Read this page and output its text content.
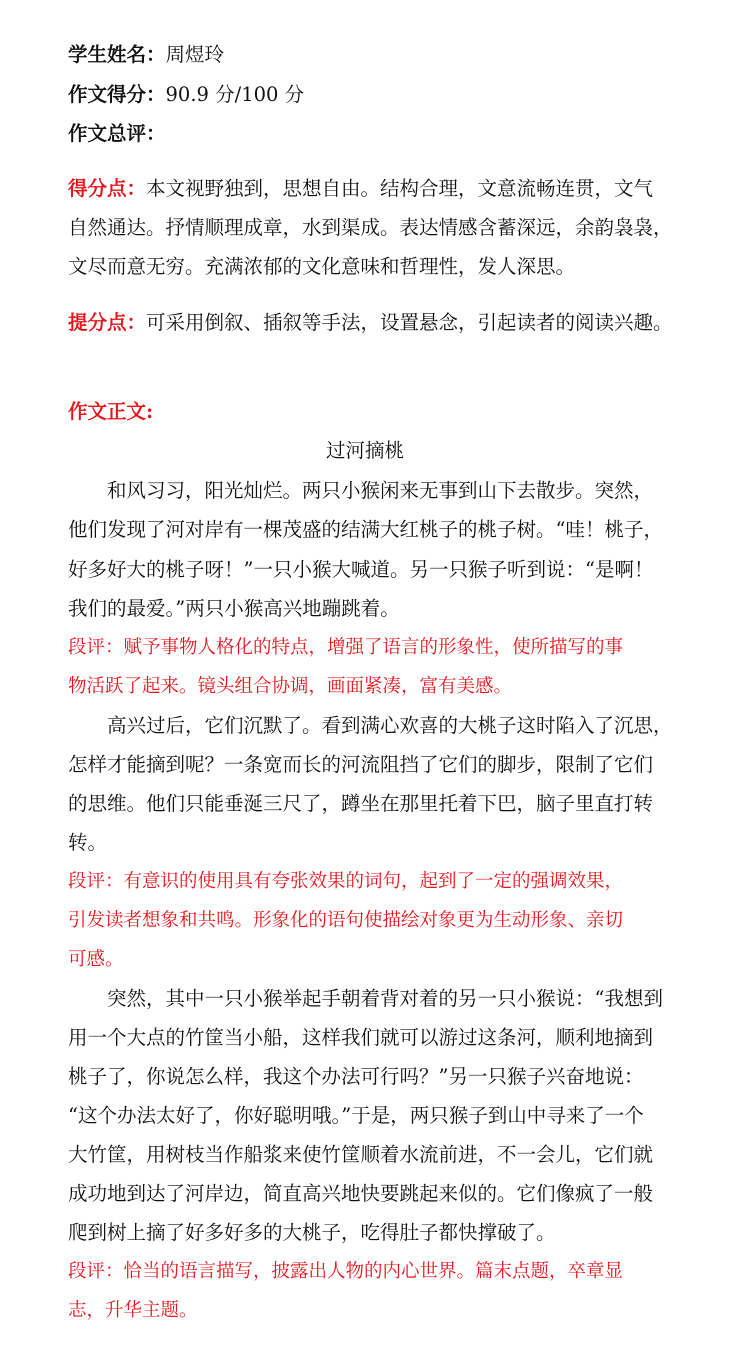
学生姓名：周煜玲
作文得分：90.9 分/100 分
作文总评：
得分点：本文视野独到，思想自由。结构合理，文意流畅连贯，文气
自然通达。抒情顺理成章，水到渠成。表达情感含蓄深远，余韵袅袅，
文尽而意无穷。充满浓郁的文化意味和哲理性，发人深思。
提分点：可采用倒叙、插叙等手法，设置悬念，引起读者的阅读兴趣。
作文正文:
过河摘桃
　　和风习习，阳光灿烂。两只小猴闲来无事到山下去散步。突然，
他们发现了河对岸有一棵茂盛的结满大红桃子的桃子树。“哇！桃子，
好多好大的桃子呀！”一只小猴大喊道。另一只猴子听到说：“是啊！
我们的最爱。”两只小猴高兴地蹦跳着。
段评：赋予事物人格化的特点，增强了语言的形象性，使所描写的事
物活跃了起来。镜头组合协调，画面紧凑，富有美感。
　　高兴过后，它们沉默了。看到满心欢喜的大桃子这时陷入了沉思，
怎样才能摘到呢？一条宽而长的河流阻挡了它们的脚步，限制了它们
的思维。他们只能垂涎三尺了，蹲坐在那里托着下巴，脑子里直打转
转。
段评：有意识的使用具有夸张效果的词句，起到了一定的强调效果，
引发读者想象和共鸣。形象化的语句使描绘对象更为生动形象、亲切
可感。
　　突然，其中一只小猴举起手朝着背对着的另一只小猴说：“我想到
用一个大点的竹筐当小船，这样我们就可以游过这条河，顺利地摘到
桃子了，你说怎么样，我这个办法可行吗？”另一只猴子兴奋地说：
“这个办法太好了，你好聪明哦。”于是，两只猴子到山中寻来了一个
大竹筐，用树枝当作船浆来使竹筐顺着水流前进，不一会儿，它们就
成功地到达了河岸边，简直高兴地快要跳起来似的。它们像疯了一般
爬到树上摘了好多好多的大桃子，吃得肚子都快撑破了。
段评：恰当的语言描写，披露出人物的内心世界。篇末点题，卒章显
志，升华主题。
